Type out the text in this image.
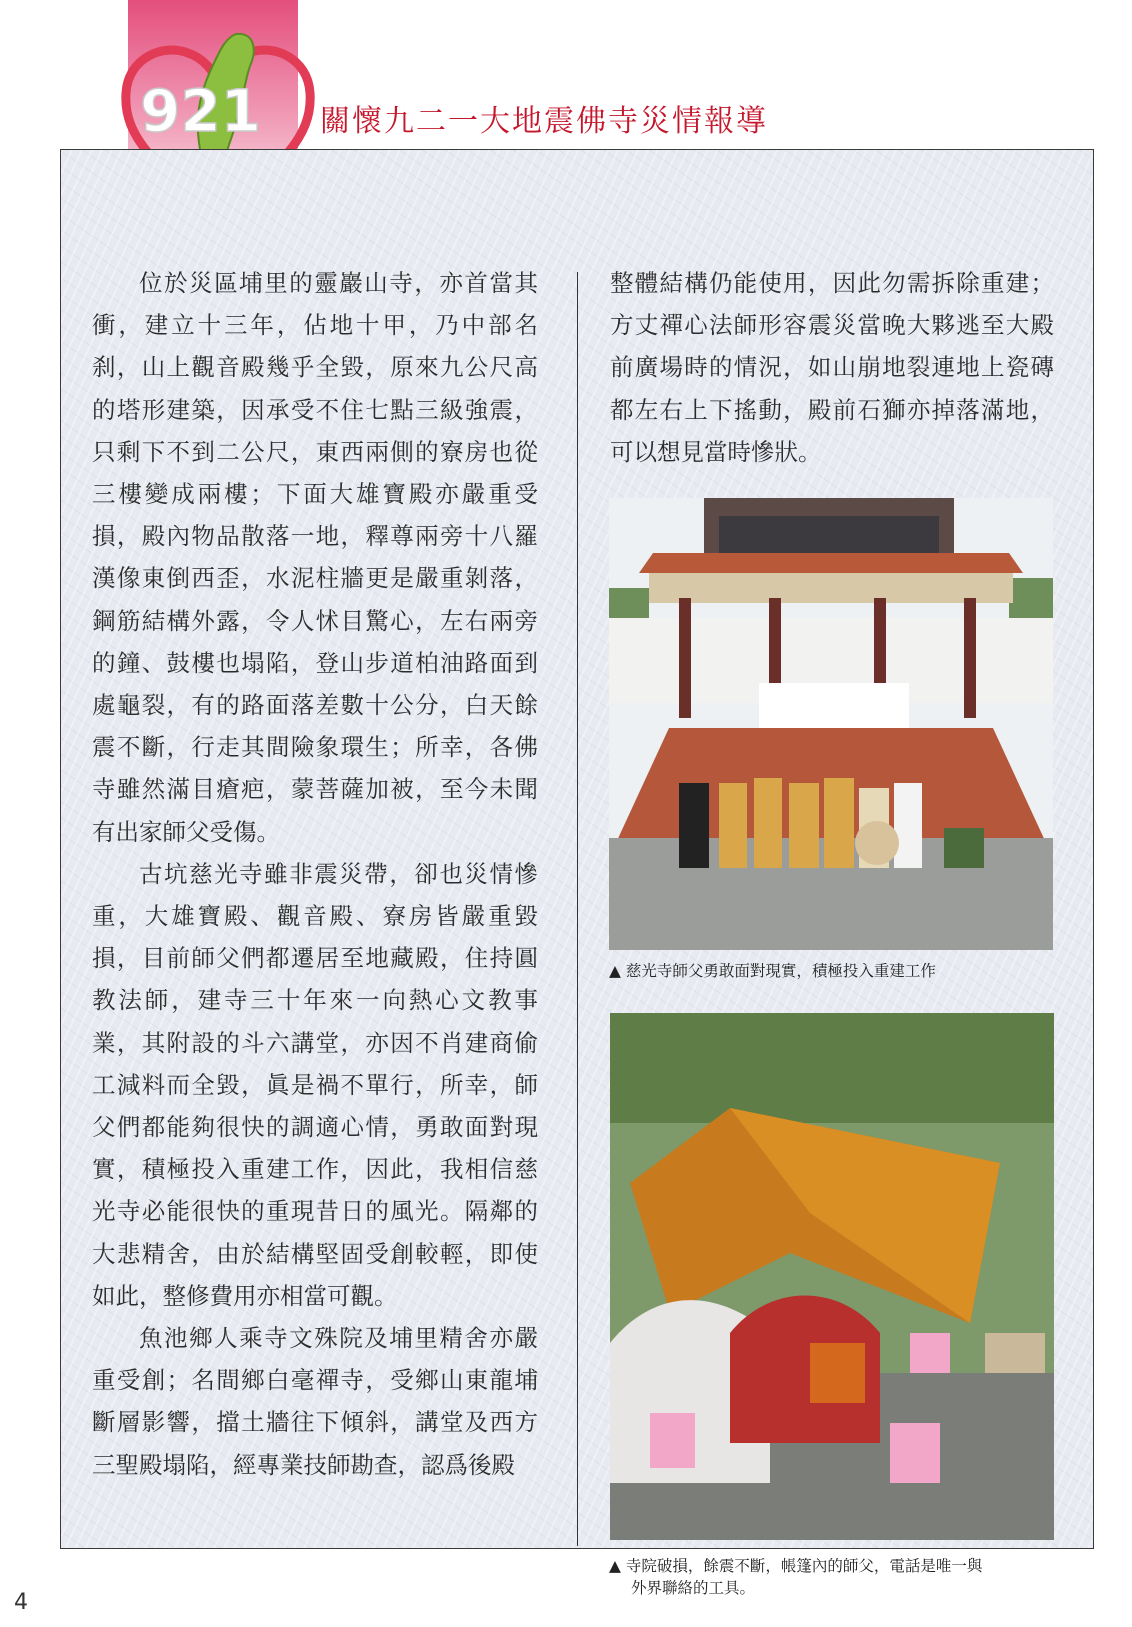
921 關懷九二一大地震佛寺災情報導

位於災區埔里的靈巖山寺，亦首當其衝，建立十三年，佔地十甲，乃中部名刹，山上觀音殿幾乎全毀，原來九公尺高的塔形建築，因承受不住七點三級強震，只剩下不到二公尺，東西兩側的寮房也從三樓變成兩樓；下面大雄寶殿亦嚴重受損，殿內物品散落一地，釋尊兩旁十八羅漢像東倒西歪，水泥柱牆更是嚴重剝落，鋼筋結構外露，令人怵目驚心，左右兩旁的鐘、鼓樓也塌陷，登山步道柏油路面到處龜裂，有的路面落差數十公分，白天餘震不斷，行走其間險象環生；所幸，各佛寺雖然滿目瘡疤，蒙菩薩加被，至今未聞有出家師父受傷。

古坑慈光寺雖非震災帶，卻也災情慘重，大雄寶殿、觀音殿、寮房皆嚴重毀損，目前師父們都遷居至地藏殿，住持圓教法師，建寺三十年來一向熱心文教事業，其附設的斗六講堂，亦因不肖建商偷工減料而全毀，眞是禍不單行，所幸，師父們都能夠很快的調適心情，勇敢面對現實，積極投入重建工作，因此，我相信慈光寺必能很快的重現昔日的風光。隔鄰的大悲精舍，由於結構堅固受創較輕，即使如此，整修費用亦相當可觀。

魚池鄉人乘寺文殊院及埔里精舍亦嚴重受創；名間鄉白毫禪寺，受鄉山東龍埔斷層影響，擋土牆往下傾斜，講堂及西方三聖殿塌陷，經專業技師勘查，認爲後殿

整體結構仍能使用，因此勿需拆除重建；方丈禪心法師形容震災當晚大夥逃至大殿前廣場時的情況，如山崩地裂連地上瓷磚都左右上下搖動，殿前石獅亦掉落滿地，可以想見當時慘狀。

▲ 慈光寺師父勇敢面對現實，積極投入重建工作
▲ 寺院破損，餘震不斷，帳篷內的師父，電話是唯一與
外界聯絡的工具。
4
